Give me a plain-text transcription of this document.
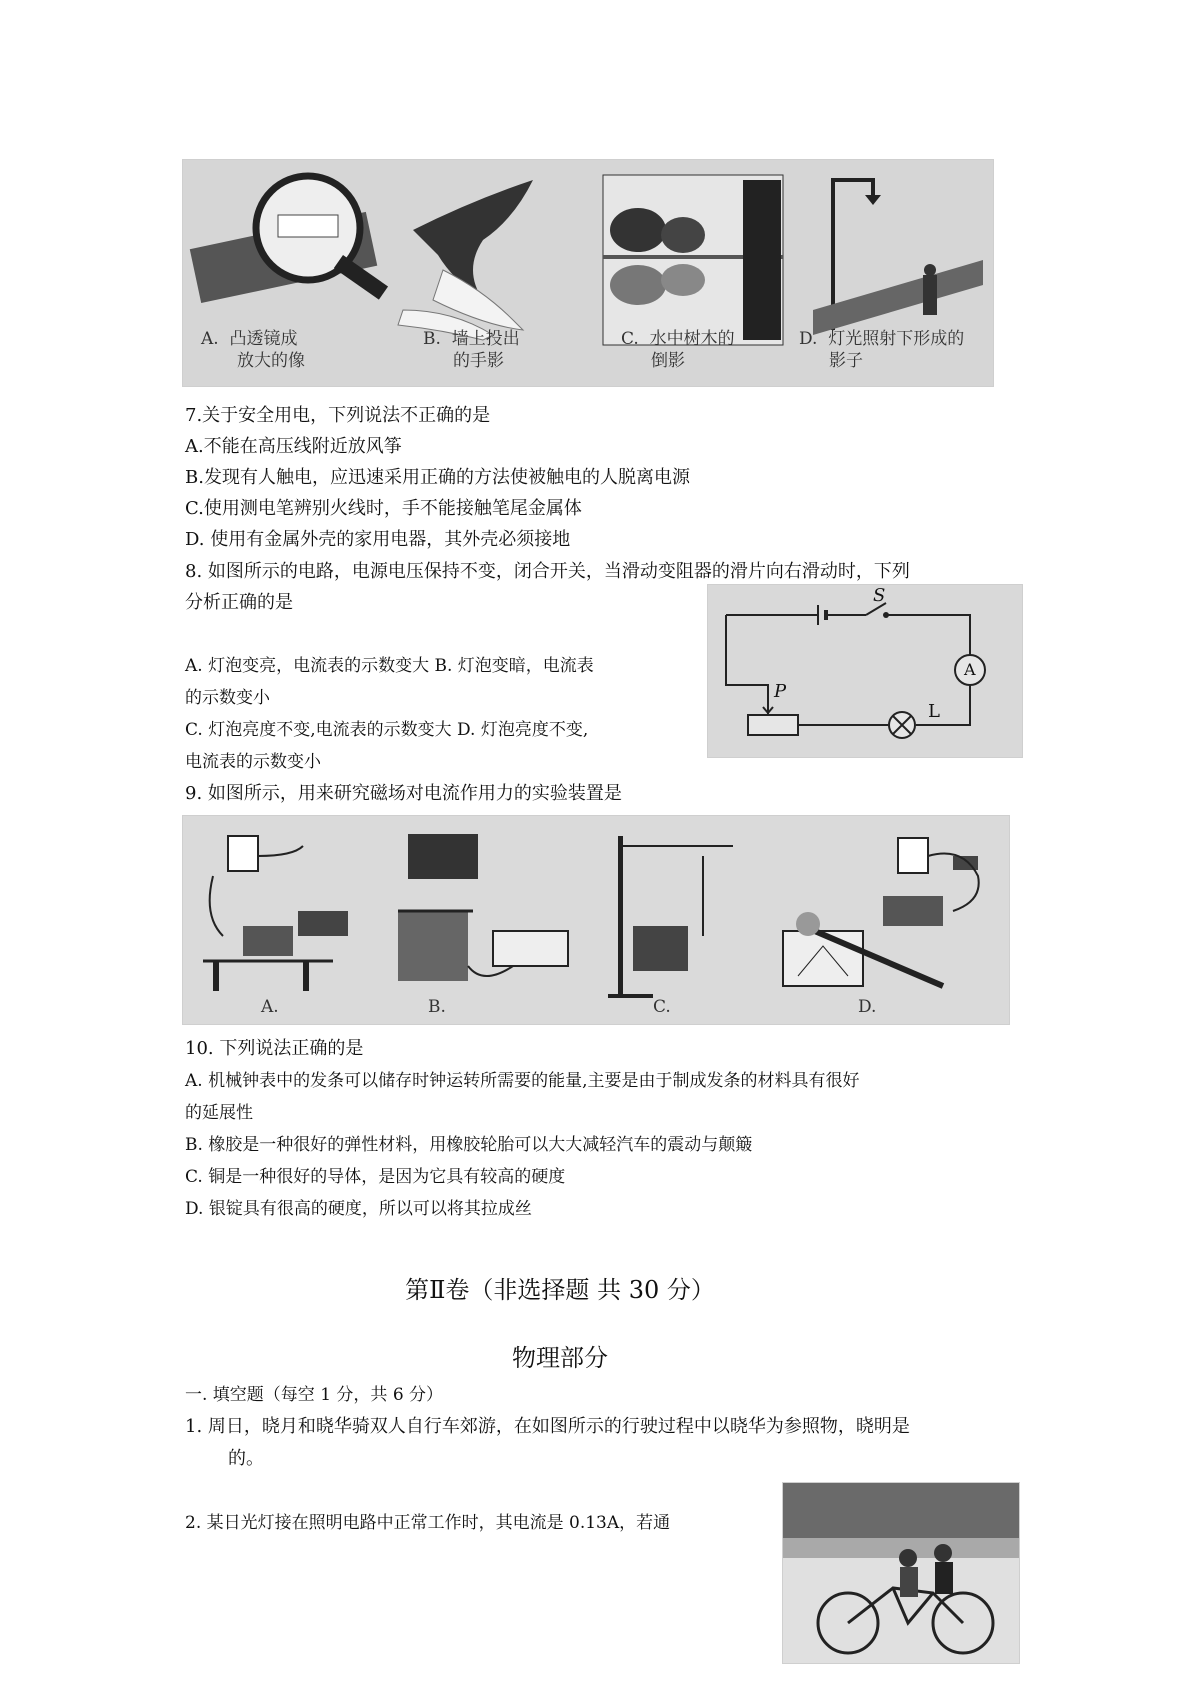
A. 凸透镜成
放大的像
B. 墙上投出
的手影
C. 水中树木的
倒影
D. 灯光照射下形成的
影子
7.关于安全用电，下列说法不正确的是
A.不能在高压线附近放风筝
B.发现有人触电，应迅速采用正确的方法使被触电的人脱离电源
C.使用测电笔辨别火线时，手不能接触笔尾金属体
D. 使用有金属外壳的家用电器，其外壳必须接地
8. 如图所示的电路，电源电压保持不变，闭合开关，当滑动变阻器的滑片向右滑动时，下列
分析正确的是
A. 灯泡变亮，电流表的示数变大 B. 灯泡变暗，电流表
的示数变小
C. 灯泡亮度不变,电流表的示数变大 D. 灯泡亮度不变,
电流表的示数变小
S
A
P
L
9. 如图所示，用来研究磁场对电流作用力的实验装置是
A.	B.	C.	D.
10. 下列说法正确的是
A. 机械钟表中的发条可以储存时钟运转所需要的能量,主要是由于制成发条的材料具有很好
的延展性
B. 橡胶是一种很好的弹性材料，用橡胶轮胎可以大大减轻汽车的震动与颠簸
C. 铜是一种很好的导体，是因为它具有较高的硬度
D. 银锭具有很高的硬度，所以可以将其拉成丝
第Ⅱ卷（非选择题 共 30 分）
物理部分
一. 填空题（每空 1 分，共 6 分）
1. 周日，晓月和晓华骑双人自行车郊游，在如图所示的行驶过程中以晓华为参照物，晓明是
的。
2. 某日光灯接在照明电路中正常工作时，其电流是 0.13A，若通
